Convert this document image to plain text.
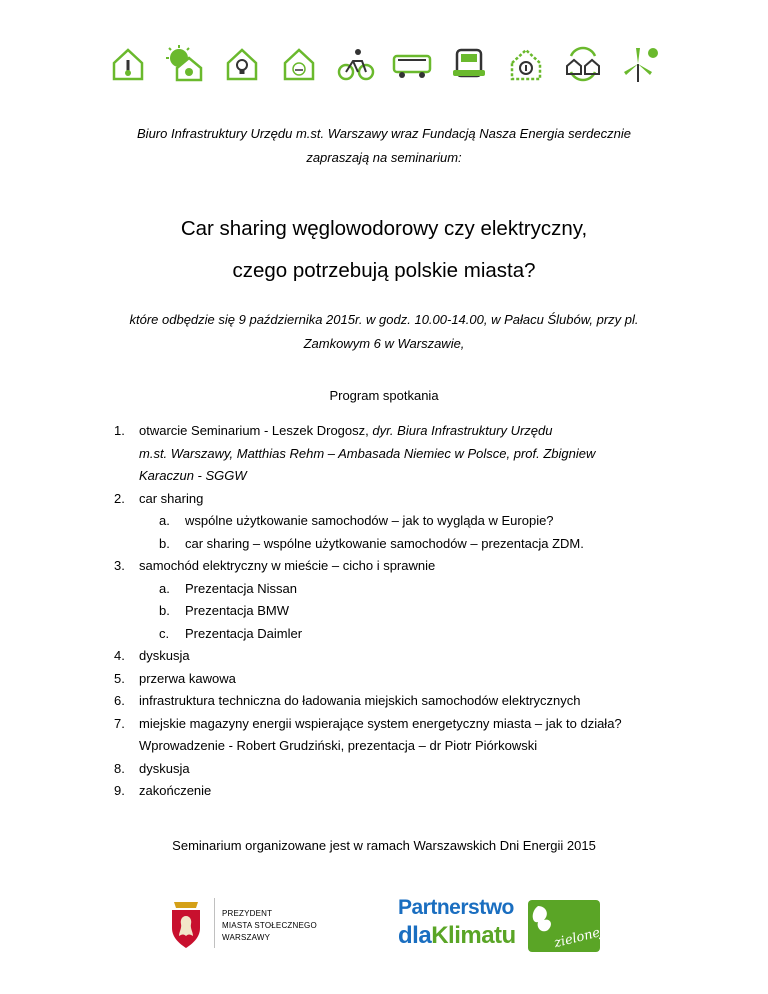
Biuro Infrastruktury Urzędu m.st. Warszawy wraz Fundacją Nasza Energia serdecznie
zapraszają na seminarium:
Car sharing węglowodorowy czy elektryczny,
czego potrzebują polskie miasta?
które odbędzie się 9 października 2015r. w godz. 10.00-14.00, w Pałacu Ślubów, przy pl.
Zamkowym 6 w Warszawie,
Program spotkania
1. otwarcie Seminarium - Leszek Drogosz, dyr. Biura Infrastruktury Urzędu
m.st. Warszawy, Matthias Rehm – Ambasada Niemiec w Polsce, prof. Zbigniew
Karaczun - SGGW
2. car sharing
a. wspólne użytkowanie samochodów – jak to wygląda w Europie?
b. car sharing – wspólne użytkowanie samochodów – prezentacja ZDM.
3. samochód elektryczny w mieście – cicho i sprawnie
a. Prezentacja Nissan
b. Prezentacja BMW
c. Prezentacja Daimler
4. dyskusja
5. przerwa kawowa
6. infrastruktura techniczna do ładowania miejskich samochodów elektrycznych
7. miejskie magazyny energii wspierające system energetyczny miasta – jak to działa?
Wprowadzenie - Robert Grudziński, prezentacja – dr Piotr Piórkowski
8. dyskusja
9. zakończenie
Seminarium organizowane jest w ramach Warszawskich Dni Energii 2015
PREZYDENT
MIASTA STOŁECZNEGO WARSZAWY
Partnerstwo
dlaKlimatu	zielonej
